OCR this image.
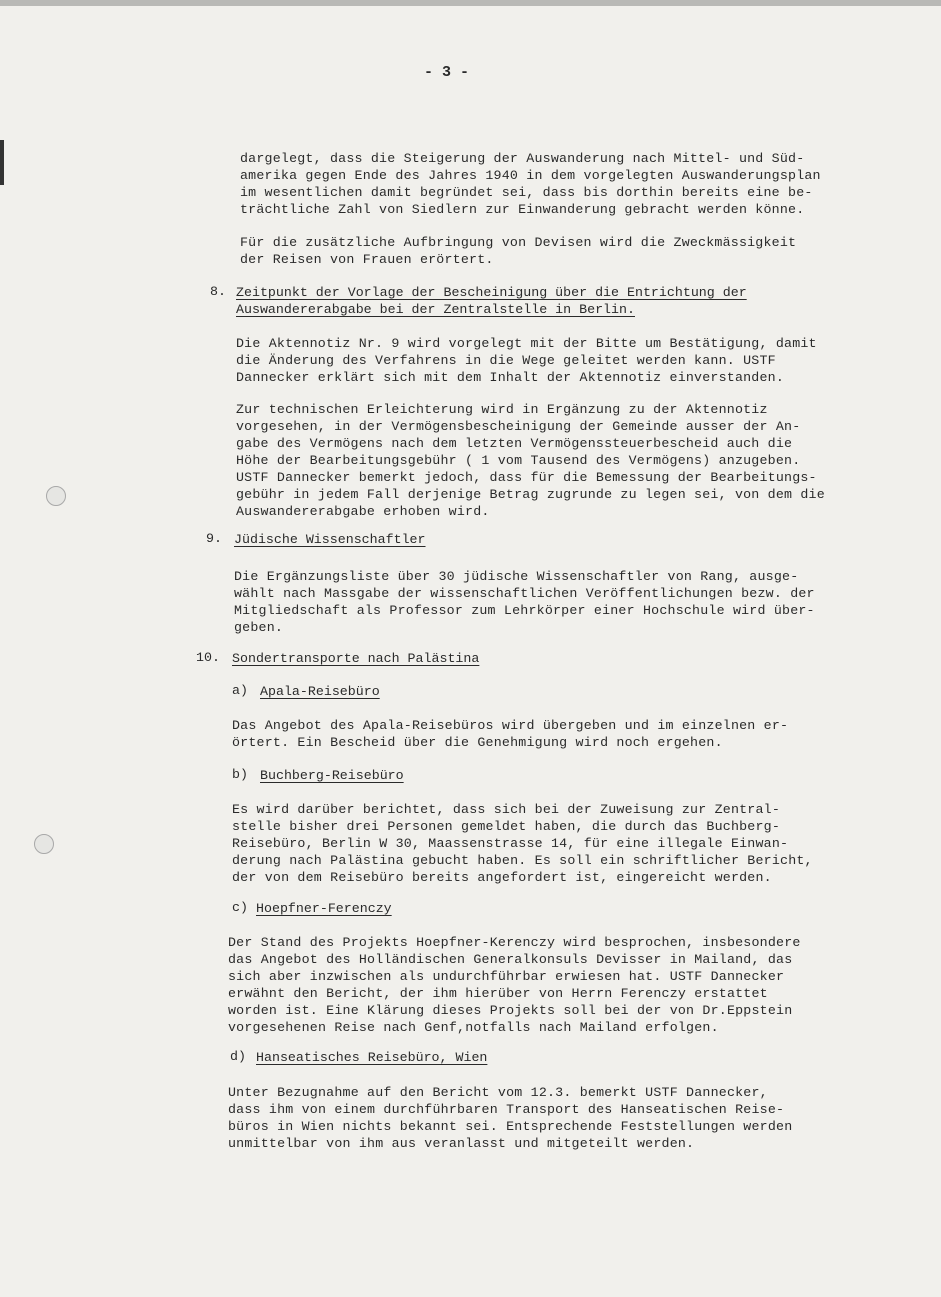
- 3 -

dargelegt, dass die Steigerung der Auswanderung nach Mittel- und Süd-
amerika gegen Ende des Jahres 1940 in dem vorgelegten Auswanderungsplan
im wesentlichen damit begründet sei, dass bis dorthin bereits eine be-
trächtliche Zahl von Siedlern zur Einwanderung gebracht werden könne.

Für die zusätzliche Aufbringung von Devisen wird die Zweckmässigkeit
der Reisen von Frauen erörtert.

8. Zeitpunkt der Vorlage der Bescheinigung über die Entrichtung der
Auswandererabgabe bei der Zentralstelle in Berlin.

Die Aktennotiz Nr. 9 wird vorgelegt mit der Bitte um Bestätigung, damit
die Änderung des Verfahrens in die Wege geleitet werden kann. USTF
Dannecker erklärt sich mit dem Inhalt der Aktennotiz einverstanden.

Zur technischen Erleichterung wird in Ergänzung zu der Aktennotiz
vorgesehen, in der Vermögensbescheinigung der Gemeinde ausser der An-
gabe des Vermögens nach dem letzten Vermögenssteuerbescheid auch die
Höhe der Bearbeitungsgebühr ( 1 vom Tausend des Vermögens) anzugeben.
USTF Dannecker bemerkt jedoch, dass für die Bemessung der Bearbeitungs-
gebühr in jedem Fall derjenige Betrag zugrunde zu legen sei, von dem die
Auswandererabgabe erhoben wird.

9. Jüdische Wissenschaftler

Die Ergänzungsliste über 30 jüdische Wissenschaftler von Rang, ausge-
wählt nach Massgabe der wissenschaftlichen Veröffentlichungen bezw. der
Mitgliedschaft als Professor zum Lehrkörper einer Hochschule wird über-
geben.

10. Sondertransporte nach Palästina

a) Apala-Reisebüro

Das Angebot des Apala-Reisebüros wird übergeben und im einzelnen er-
örtert. Ein Bescheid über die Genehmigung wird noch ergehen.

b) Buchberg-Reisebüro

Es wird darüber berichtet, dass sich bei der Zuweisung zur Zentral-
stelle bisher drei Personen gemeldet haben, die durch das Buchberg-
Reisebüro, Berlin W 30, Maassenstrasse 14, für eine illegale Einwan-
derung nach Palästina gebucht haben. Es soll ein schriftlicher Bericht,
der von dem Reisebüro bereits angefordert ist, eingereicht werden.

c) Hoepfner-Ferenczy

Der Stand des Projekts Hoepfner-Kerenczy wird besprochen, insbesondere
das Angebot des Holländischen Generalkonsuls Devisser in Mailand, das
sich aber inzwischen als undurchführbar erwiesen hat. USTF Dannecker
erwähnt den Bericht, der ihm hierüber von Herrn Ferenczy erstattet
worden ist. Eine Klärung dieses Projekts soll bei der von Dr.Eppstein
vorgesehenen Reise nach Genf,notfalls nach Mailand erfolgen.

d) Hanseatisches Reisebüro, Wien

Unter Bezugnahme auf den Bericht vom 12.3. bemerkt USTF Dannecker,
dass ihm von einem durchführbaren Transport des Hanseatischen Reise-
büros in Wien nichts bekannt sei. Entsprechende Feststellungen werden
unmittelbar von ihm aus veranlasst und mitgeteilt werden.
